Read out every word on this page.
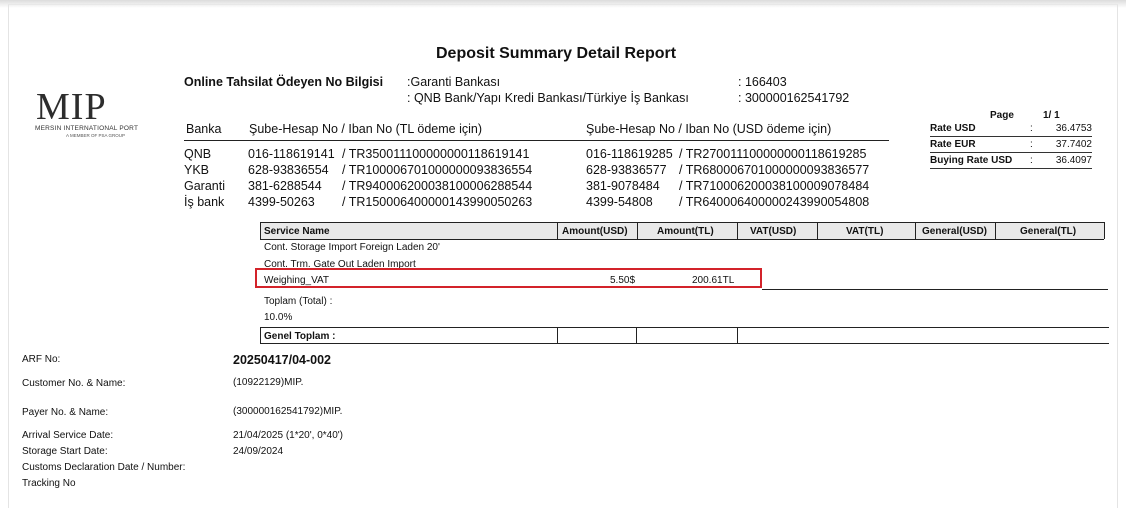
Deposit Summary Detail Report
MIP
MERSIN INTERNATIONAL PORT
A MEMBER OF PSA GROUP
Online Tahsilat Ödeyen No Bilgisi :Garanti Bankası
: QNB Bank/Yapı Kredi Bankası/Türkiye İş Bankası
: 166403
: 300000162541792
Banka Şube-Hesap No / Iban No (TL ödeme için)	Şube-Hesap No / Iban No (USD ödeme için)
QNB	016-118619141 / TR350011100000000118619141	016-118619285 / TR270011100000000118619285
YKB	628-93836554 / TR100006701000000093836554	628-93836577 / TR680006701000000093836577
Garanti 381-6288544 / TR940006200038100006288544	381-9078484 / TR710006200038100009078484
İş bank 4399-50263 / TR150006400000143990050263	4399-54808 / TR640006400000243990054808
Page	1/ 1
Rate USD	: 36.4753
Rate EUR	: 37.7402
Buying Rate USD : 36.4097
Service Name	Amount(USD)	Amount(TL)	VAT(USD)	VAT(TL)	General(USD)	General(TL)
Cont. Storage Import Foreign Laden 20'
Cont. Trm. Gate Out Laden Import
Weighing_VAT	5.50$	200.61TL
Toplam (Total) :
10.0%
Genel Toplam :
ARF No:	20250417/04-002
Customer No. & Name:	(10922129)MIP.
Payer No. & Name:	(300000162541792)MIP.
Arrival Service Date:	21/04/2025 (1*20', 0*40')
Storage Start Date:	24/09/2024
Customs Declaration Date / Number:
Tracking No
